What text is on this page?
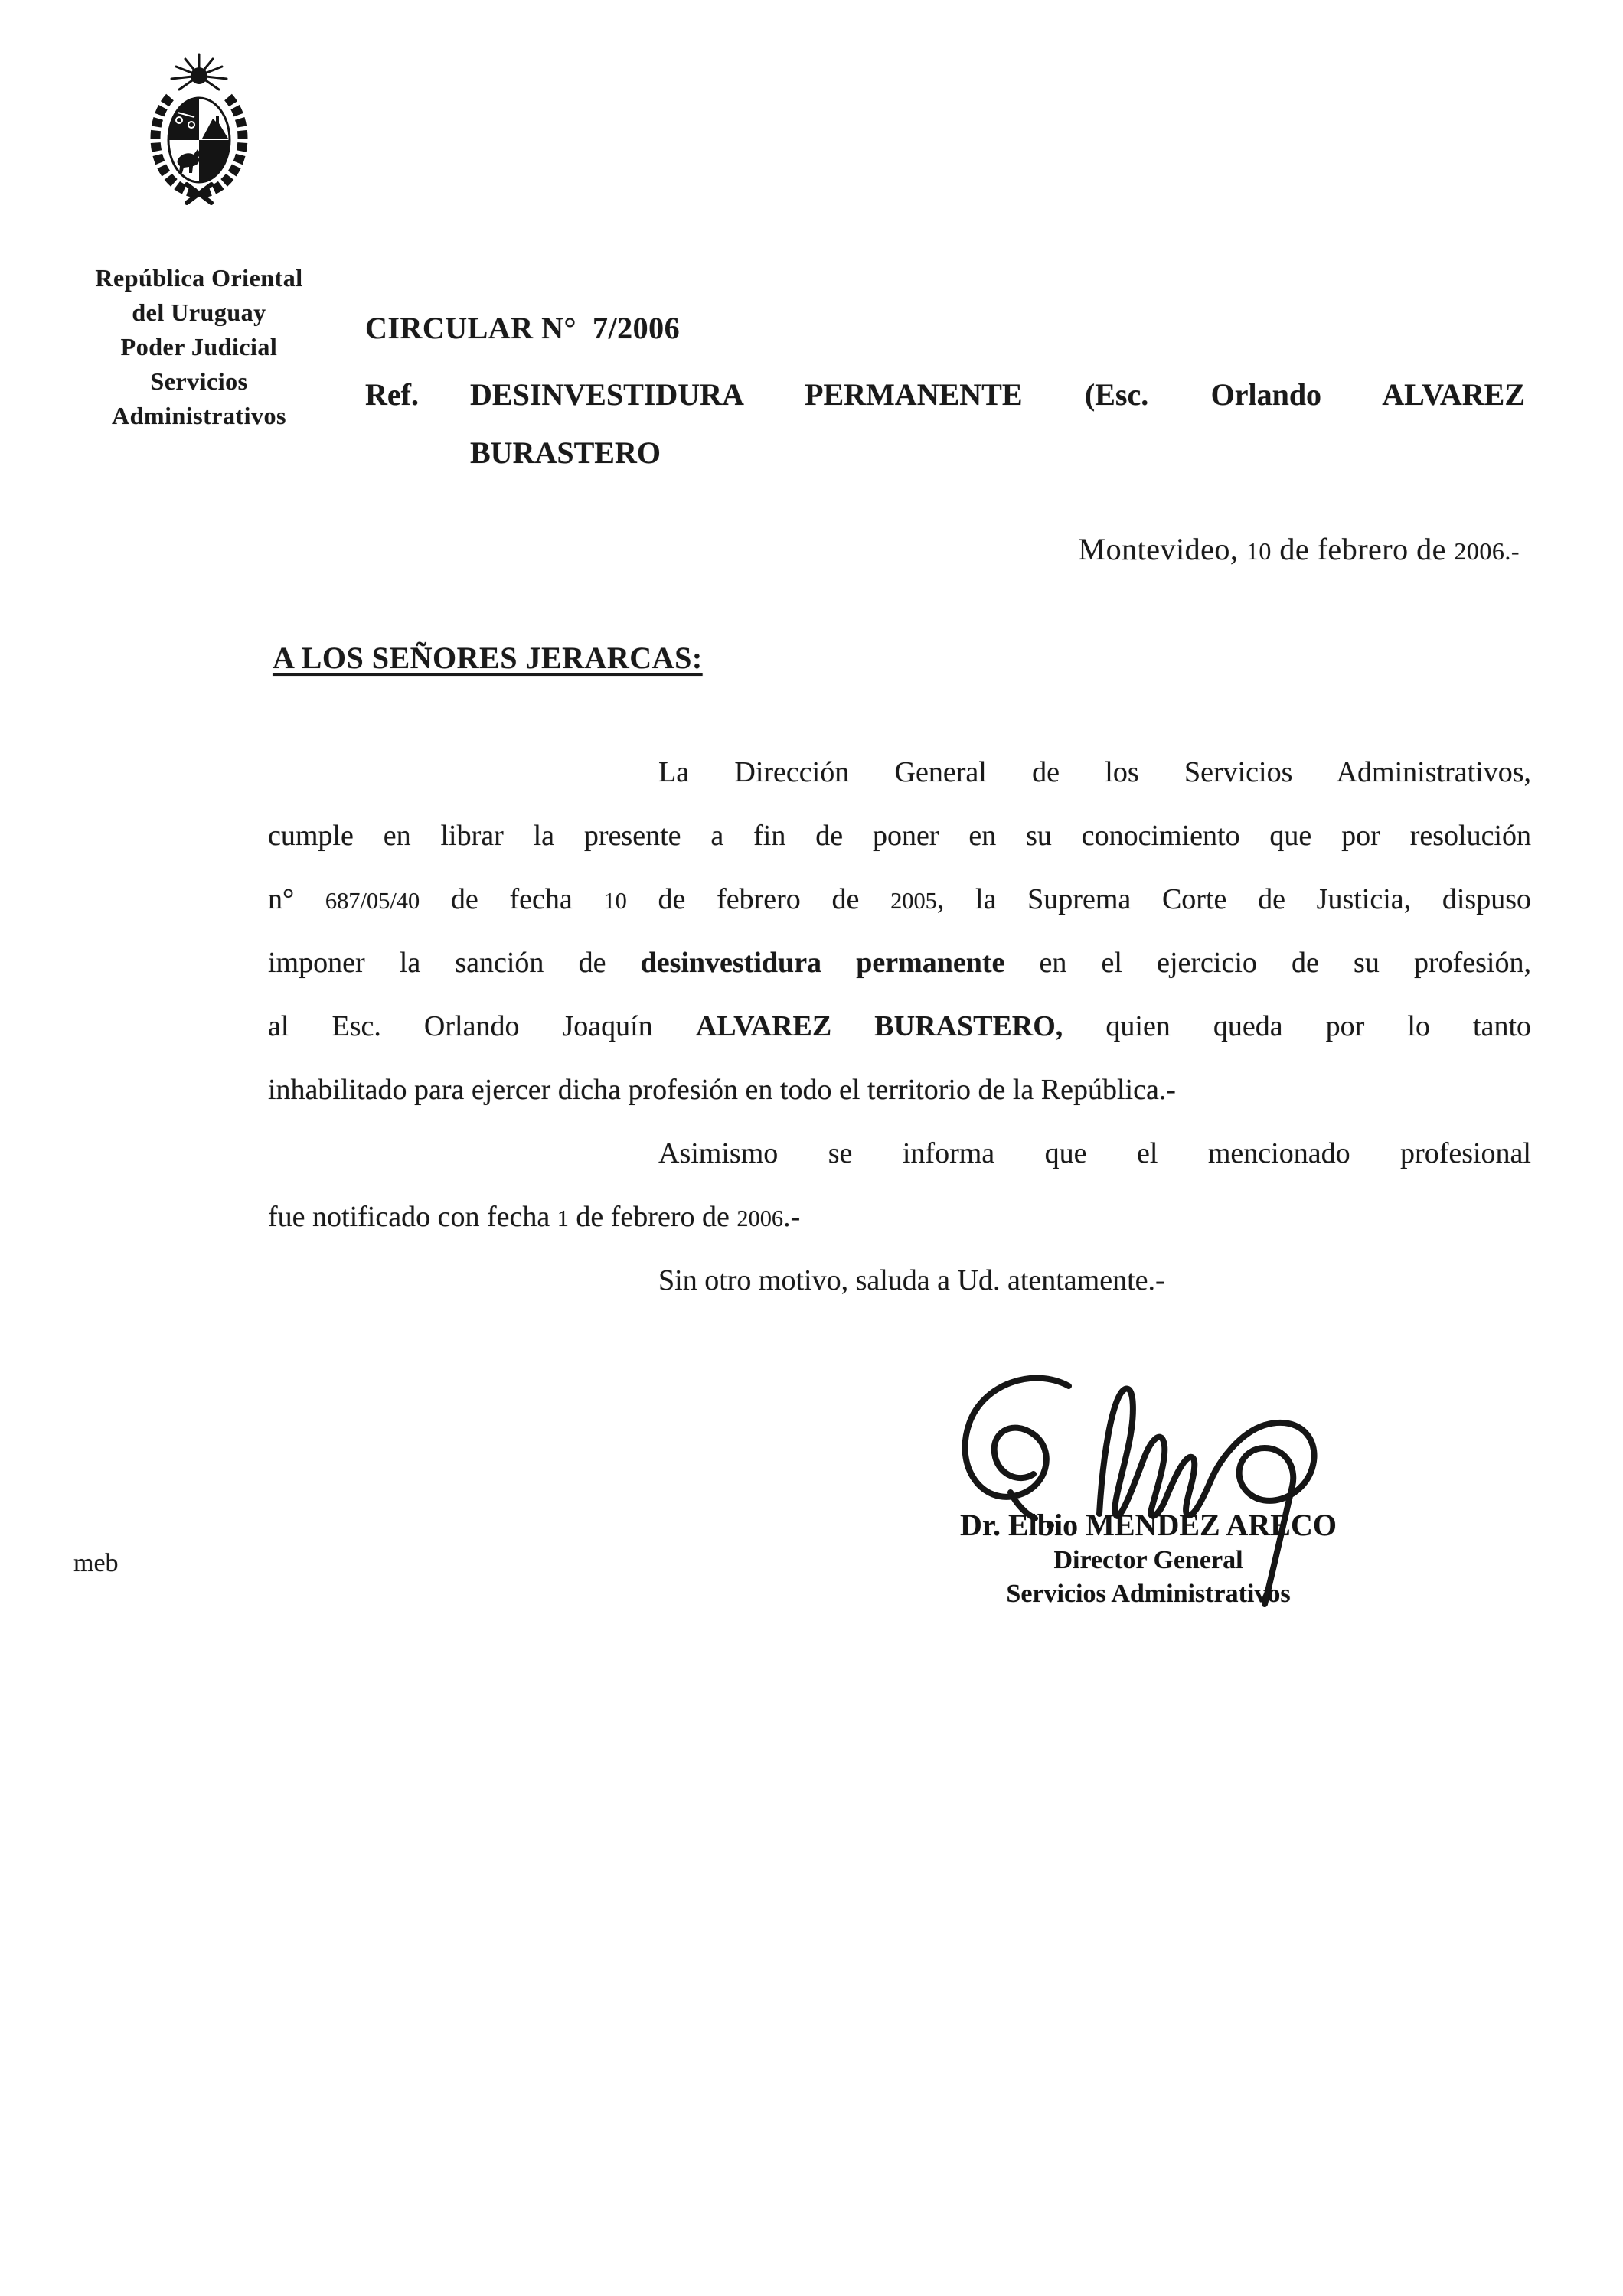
República Oriental
del Uruguay
Poder Judicial
Servicios
Administrativos
CIRCULAR N°  7/2006
Ref.	DESINVESTIDURA PERMANENTE (Esc. Orlando ALVAREZ
BURASTERO
Montevideo, 10 de febrero de 2006.-
A LOS SEÑORES JERARCAS:
La Dirección General de los Servicios Administrativos,
cumple en librar la presente a fin de poner en su conocimiento que por resolución
n° 687/05/40 de fecha 10 de febrero de 2005, la Suprema Corte de Justicia, dispuso
imponer la sanción de desinvestidura permanente en el ejercicio de su profesión,
al Esc. Orlando Joaquín ALVAREZ BURASTERO, quien queda por lo tanto
inhabilitado para ejercer dicha profesión en todo el territorio de la República.-
Asimismo se informa que el mencionado profesional
fue notificado con fecha 1 de febrero de 2006.-
Sin otro motivo, saluda a Ud. atentamente.-
Dr. Elbio MENDEZ ARECO
Director General
Servicios Administrativos
meb
